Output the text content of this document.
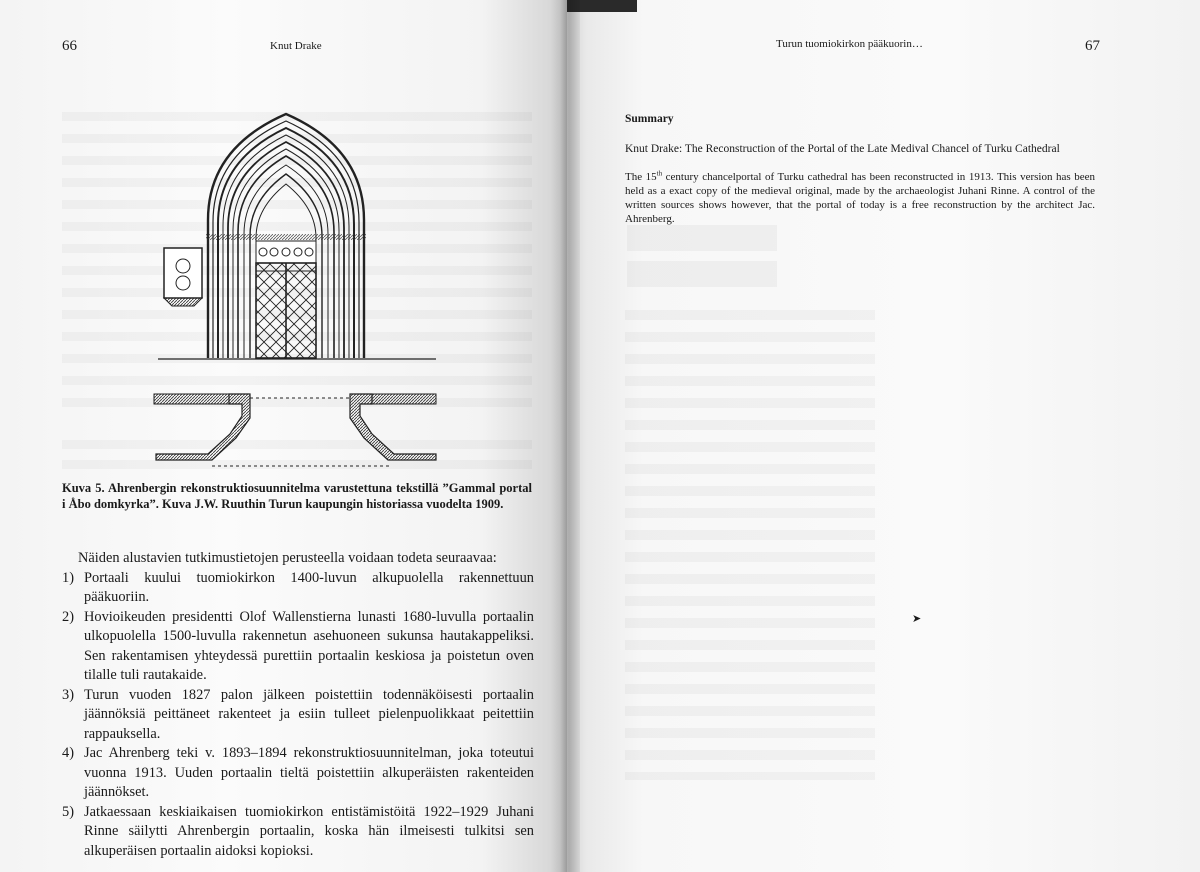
66	Knut Drake
Kuva 5. Ahrenbergin rekonstruktiosuunnitelma varustettuna tekstillä ”Gammal portal i Åbo domkyrka”. Kuva J.W. Ruuthin Turun kaupungin historiassa vuodelta 1909.

Näiden alustavien tutkimustietojen perusteella voidaan todeta seuraavaa:

1) Portaali kuului tuomiokirkon 1400-luvun alkupuolella rakennettuun pääkuoriin.
2) Hovioikeuden presidentti Olof Wallenstierna lunasti 1680-luvulla portaalin ulkopuolella 1500-luvulla rakennetun asehuoneen sukunsa hautakappeliksi. Sen rakentamisen yhteydessä purettiin portaalin keskiosa ja poistetun oven tilalle tuli rautakaide.
3) Turun vuoden 1827 palon jälkeen poistettiin todennäköisesti portaalin jäännöksiä peittäneet rakenteet ja esiin tulleet pielenpuolikkaat peitettiin rappauksella.
4) Jac Ahrenberg teki v. 1893–1894 rekonstruktiosuunnitelman, joka toteutui vuonna 1913. Uuden portaalin tieltä poistettiin alkuperäisten rakenteiden jäännökset.
5) Jatkaessaan keskiaikaisen tuomiokirkon entistämistöitä 1922–1929 Juhani Rinne säilytti Ahrenbergin portaalin, koska hän ilmeisesti tulkitsi sen alkuperäisen portaalin aidoksi kopioksi.
Turun tuomiokirkon pääkuorin…	67
Summary
Knut Drake: The Reconstruction of the Portal of the Late Medival Chancel of Turku Cathedral

The 15th century chancelportal of Turku cathedral has been reconstructed in 1913. This version has been held as a exact copy of the medieval original, made by the archaeologist Juhani Rinne. A control of the written sources shows however, that the portal of today is a free reconstruction by the architect Jac. Ahrenberg.

➤
